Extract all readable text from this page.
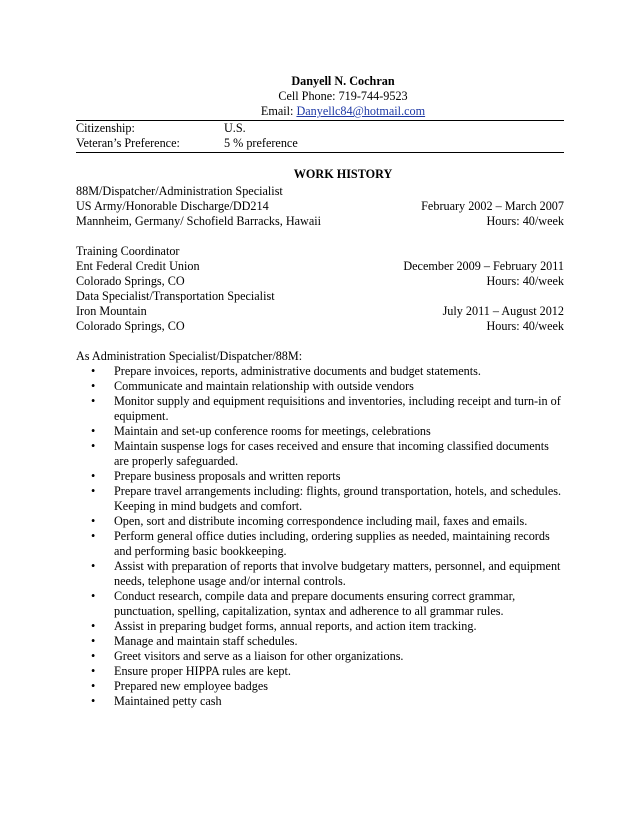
Danyell N. Cochran
Cell Phone: 719-744-9523
Email: Danyellc84@hotmail.com
Citizenship:	U.S.
Veteran’s Preference:	5 % preference
WORK HISTORY
88M/Dispatcher/Administration Specialist
US Army/Honorable Discharge/DD214	February 2002 – March 2007
Mannheim, Germany/ Schofield Barracks, Hawaii	Hours: 40/week
Training Coordinator
Ent Federal Credit Union	December 2009 – February 2011
Colorado Springs, CO	Hours: 40/week
Data Specialist/Transportation Specialist
Iron Mountain	July 2011 – August 2012
Colorado Springs, CO	Hours: 40/week
As Administration Specialist/Dispatcher/88M:
• Prepare invoices, reports, administrative documents and budget statements.
• Communicate and maintain relationship with outside vendors
• Monitor supply and equipment requisitions and inventories, including receipt and turn-in of equipment.
• Maintain and set-up conference rooms for meetings, celebrations
• Maintain suspense logs for cases received and ensure that incoming classified documents are properly safeguarded.
• Prepare business proposals and written reports
• Prepare travel arrangements including: flights, ground transportation, hotels, and schedules. Keeping in mind budgets and comfort.
• Open, sort and distribute incoming correspondence including mail, faxes and emails.
• Perform general office duties including, ordering supplies as needed, maintaining records and performing basic bookkeeping.
• Assist with preparation of reports that involve budgetary matters, personnel, and equipment needs, telephone usage and/or internal controls.
• Conduct research, compile data and prepare documents ensuring correct grammar, punctuation, spelling, capitalization, syntax and adherence to all grammar rules.
• Assist in preparing budget forms, annual reports, and action item tracking.
• Manage and maintain staff schedules.
• Greet visitors and serve as a liaison for other organizations.
• Ensure proper HIPPA rules are kept.
• Prepared new employee badges
• Maintained petty cash
